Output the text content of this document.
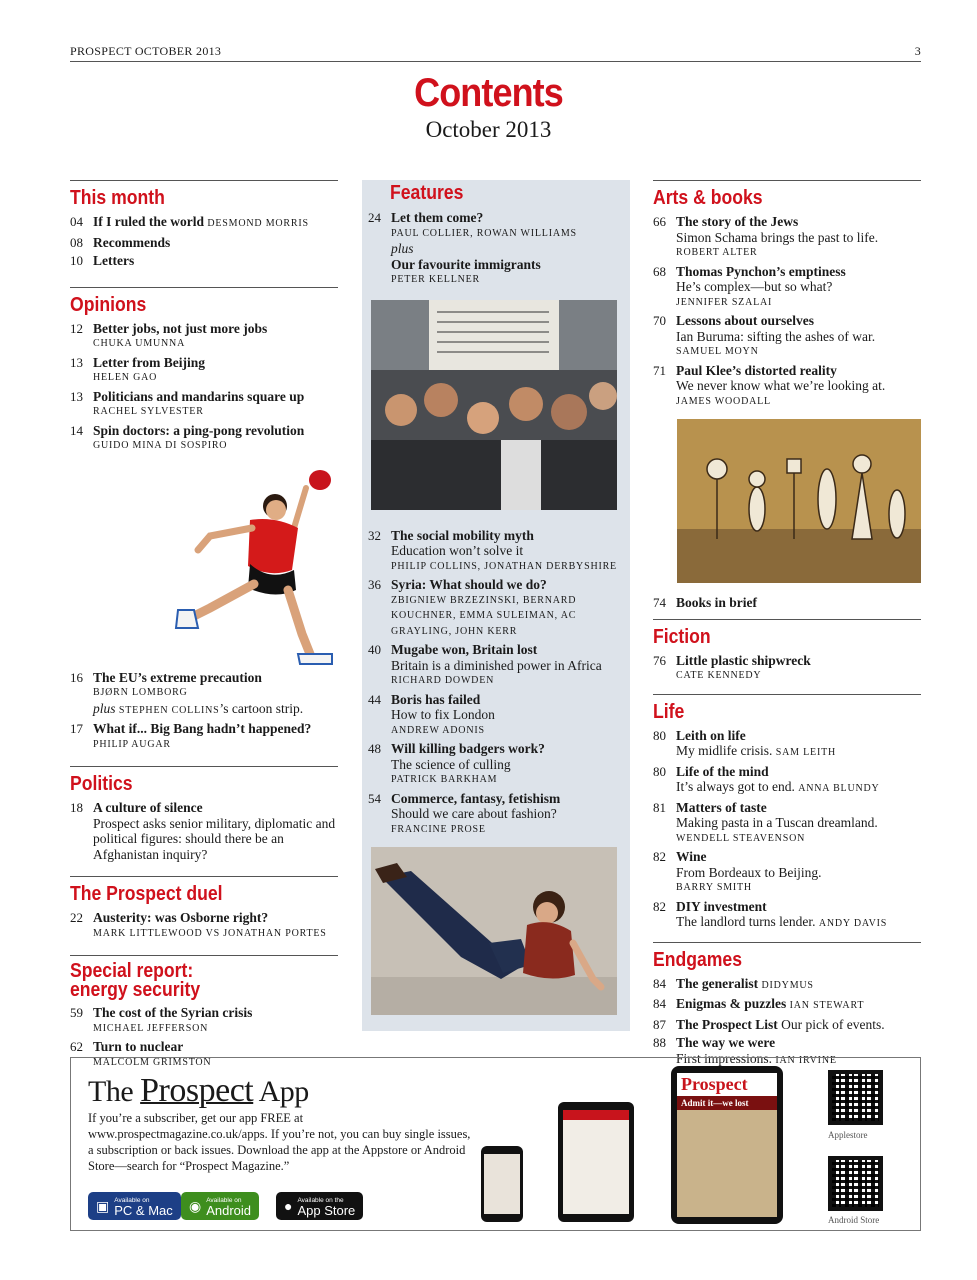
PROSPECT OCTOBER 2013	3
Contents
October 2013
This month
04 If I ruled the world DESMOND MORRIS
08 Recommends
10 Letters
Opinions
12 Better jobs, not just more jobs
CHUKA UMUNNA
13 Letter from Beijing
HELEN GAO
13 Politicians and mandarins square up
RACHEL SYLVESTER
14 Spin doctors: a ping-pong revolution
GUIDO MINA DI SOSPIRO
16 The EU’s extreme precaution
BJØRN LOMBORG
plus STEPHEN COLLINS’s cartoon strip.
17 What if... Big Bang hadn’t happened?
PHILIP AUGAR
Politics
18 A culture of silence
Prospect asks senior military, diplomatic and political figures: should there be an Afghanistan inquiry?
The Prospect duel
22 Austerity: was Osborne right?
MARK LITTLEWOOD VS JONATHAN PORTES
Special report: energy security
59 The cost of the Syrian crisis
MICHAEL JEFFERSON
62 Turn to nuclear
MALCOLM GRIMSTON
Features
24 Let them come?
PAUL COLLIER, ROWAN WILLIAMS
plus
Our favourite immigrants
PETER KELLNER
32 The social mobility myth
Education won’t solve it
PHILIP COLLINS, JONATHAN DERBYSHIRE
36 Syria: What should we do?
ZBIGNIEW BRZEZINSKI, BERNARD KOUCHNER, EMMA SULEIMAN, AC GRAYLING, JOHN KERR
40 Mugabe won, Britain lost
Britain is a diminished power in Africa
RICHARD DOWDEN
44 Boris has failed
How to fix London
ANDREW ADONIS
48 Will killing badgers work?
The science of culling
PATRICK BARKHAM
54 Commerce, fantasy, fetishism
Should we care about fashion?
FRANCINE PROSE
Arts & books
66 The story of the Jews
Simon Schama brings the past to life.
ROBERT ALTER
68 Thomas Pynchon’s emptiness
He’s complex—but so what?
JENNIFER SZALAI
70 Lessons about ourselves
Ian Buruma: sifting the ashes of war.
SAMUEL MOYN
71 Paul Klee’s distorted reality
We never know what we’re looking at.
JAMES WOODALL
74 Books in brief
Fiction
76 Little plastic shipwreck
CATE KENNEDY
Life
80 Leith on life
My midlife crisis. SAM LEITH
80 Life of the mind
It’s always got to end. ANNA BLUNDY
81 Matters of taste
Making pasta in a Tuscan dreamland.
WENDELL STEAVENSON
82 Wine
From Bordeaux to Beijing.
BARRY SMITH
82 DIY investment
The landlord turns lender. ANDY DAVIS
Endgames
84 The generalist DIDYMUS
84 Enigmas & puzzles IAN STEWART
87 The Prospect List Our pick of events.
88 The way we were
First impressions. IAN IRVINE
The Prospect App
If you’re a subscriber, get our app FREE at www.prospectmagazine.co.uk/apps. If you’re not, you can buy single issues, a subscription or back issues. Download the app at the Appstore or Android Store—search for “Prospect Magazine.”
▣ Available on
PC & Mac ◉ Available on
Android ● Available on the
App Store
Prospect
Admit it—we lost
Applestore
Android Store
